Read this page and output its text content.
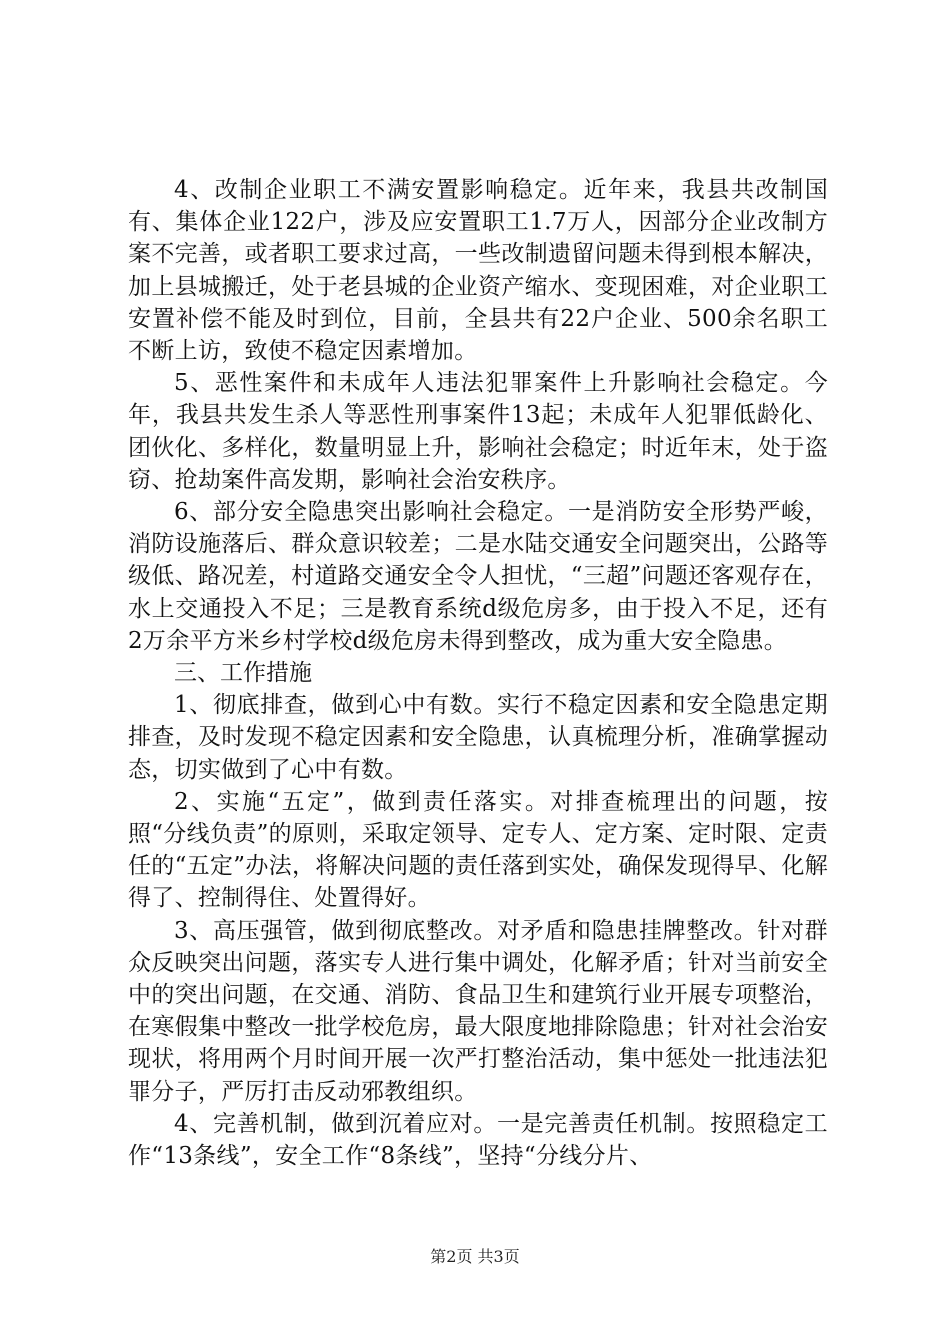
4、改制企业职工不满安置影响稳定。近年来，我县共改制国有、集体企业122户，涉及应安置职工1.7万人，因部分企业改制方案不完善，或者职工要求过高，一些改制遗留问题未得到根本解决，加上县城搬迁，处于老县城的企业资产缩水、变现困难，对企业职工安置补偿不能及时到位，目前，全县共有22户企业、500余名职工不断上访，致使不稳定因素增加。

5、恶性案件和未成年人违法犯罪案件上升影响社会稳定。今年，我县共发生杀人等恶性刑事案件13起；未成年人犯罪低龄化、团伙化、多样化，数量明显上升，影响社会稳定；时近年末，处于盗窃、抢劫案件高发期，影响社会治安秩序。

6、部分安全隐患突出影响社会稳定。一是消防安全形势严峻，消防设施落后、群众意识较差；二是水陆交通安全问题突出，公路等级低、路况差，村道路交通安全令人担忧，“三超”问题还客观存在，水上交通投入不足；三是教育系统d级危房多，由于投入不足，还有2万余平方米乡村学校d级危房未得到整改，成为重大安全隐患。

三、工作措施

1、彻底排查，做到心中有数。实行不稳定因素和安全隐患定期排查，及时发现不稳定因素和安全隐患，认真梳理分析，准确掌握动态，切实做到了心中有数。

2、实施“五定”，做到责任落实。对排查梳理出的问题，按照“分线负责”的原则，采取定领导、定专人、定方案、定时限、定责任的“五定”办法，将解决问题的责任落到实处，确保发现得早、化解得了、控制得住、处置得好。

3、高压强管，做到彻底整改。对矛盾和隐患挂牌整改。针对群众反映突出问题，落实专人进行集中调处，化解矛盾；针对当前安全中的突出问题，在交通、消防、食品卫生和建筑行业开展专项整治，在寒假集中整改一批学校危房，最大限度地排除隐患；针对社会治安现状，将用两个月时间开展一次严打整治活动，集中惩处一批违法犯罪分子，严厉打击反动邪教组织。

4、完善机制，做到沉着应对。一是完善责任机制。按照稳定工作“13条线”，安全工作“8条线”，坚持“分线分片、

第2页 共3页
